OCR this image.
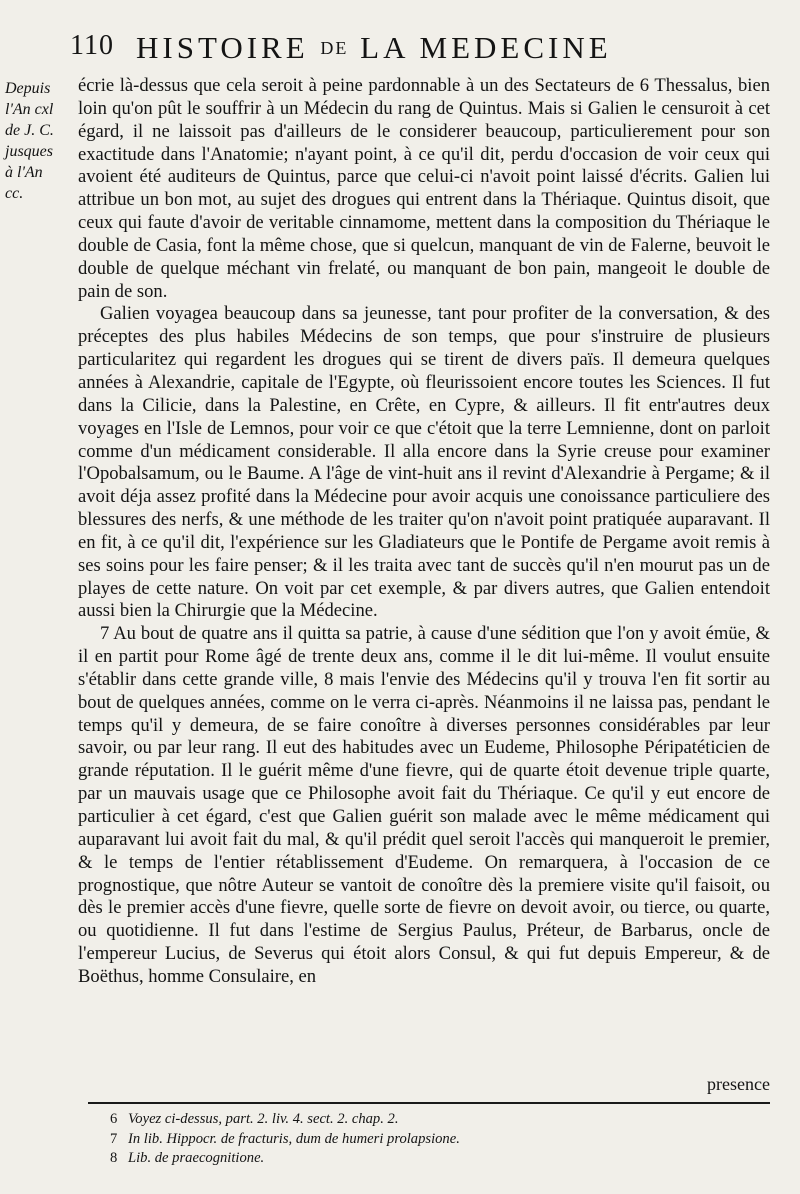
110 HISTOIRE DE LA MEDECINE
Depuis
l'An cxl
de J. C.
jusques
à l'An
cc.

écrie là-dessus que cela seroit à peine pardonnable à un des Sectateurs de 6 Thessalus, bien loin qu'on pût le souffrir à un Médecin du rang de Quintus. Mais si Galien le censuroit à cet égard, il ne laissoit pas d'ailleurs de le considerer beaucoup, particulierement pour son exactitude dans l'Anatomie; n'ayant point, à ce qu'il dit, perdu d'occasion de voir ceux qui avoient été auditeurs de Quintus, parce que celui-ci n'avoit point laissé d'écrits. Galien lui attribue un bon mot, au sujet des drogues qui entrent dans la Thériaque. Quintus disoit, que ceux qui faute d'avoir de veritable cinnamome, mettent dans la composition du Thériaque le double de Casia, font la même chose, que si quelcun, manquant de vin de Falerne, beuvoit le double de quelque méchant vin frelaté, ou manquant de bon pain, mangeoit le double de pain de son.

Galien voyagea beaucoup dans sa jeunesse, tant pour profiter de la conversation, & des préceptes des plus habiles Médecins de son temps, que pour s'instruire de plusieurs particularitez qui regardent les drogues qui se tirent de divers païs. Il demeura quelques années à Alexandrie, capitale de l'Egypte, où fleurissoient encore toutes les Sciences. Il fut dans la Cilicie, dans la Palestine, en Crête, en Cypre, & ailleurs. Il fit entr'autres deux voyages en l'Isle de Lemnos, pour voir ce que c'étoit que la terre Lemnienne, dont on parloit comme d'un médicament considerable. Il alla encore dans la Syrie creuse pour examiner l'Opobalsamum, ou le Baume. A l'âge de vint-huit ans il revint d'Alexandrie à Pergame; & il avoit déja assez profité dans la Médecine pour avoir acquis une conoissance particuliere des blessures des nerfs, & une méthode de les traiter qu'on n'avoit point pratiquée auparavant. Il en fit, à ce qu'il dit, l'expérience sur les Gladiateurs que le Pontife de Pergame avoit remis à ses soins pour les faire penser; & il les traita avec tant de succès qu'il n'en mourut pas un de playes de cette nature. On voit par cet exemple, & par divers autres, que Galien entendoit aussi bien la Chirurgie que la Médecine.

7 Au bout de quatre ans il quitta sa patrie, à cause d'une sédition que l'on y avoit émüe, & il en partit pour Rome âgé de trente deux ans, comme il le dit lui-même. Il voulut ensuite s'établir dans cette grande ville, 8 mais l'envie des Médecins qu'il y trouva l'en fit sortir au bout de quelques années, comme on le verra ci-après. Néanmoins il ne laissa pas, pendant le temps qu'il y demeura, de se faire conoître à diverses personnes considérables par leur savoir, ou par leur rang. Il eut des habitudes avec un Eudeme, Philosophe Péripatéticien de grande réputation. Il le guérit même d'une fievre, qui de quarte étoit devenue triple quarte, par un mauvais usage que ce Philosophe avoit fait du Thériaque. Ce qu'il y eut encore de particulier à cet égard, c'est que Galien guérit son malade avec le même médicament qui auparavant lui avoit fait du mal, & qu'il prédit quel seroit l'accès qui manqueroit le premier, & le temps de l'entier rétablissement d'Eudeme. On remarquera, à l'occasion de ce prognostique, que nôtre Auteur se vantoit de conoître dès la premiere visite qu'il faisoit, ou dès le premier accès d'une fievre, quelle sorte de fievre on devoit avoir, ou tierce, ou quarte, ou quotidienne. Il fut dans l'estime de Sergius Paulus, Préteur, de Barbarus, oncle de l'empereur Lucius, de Severus qui étoit alors Consul, & qui fut depuis Empereur, & de Boëthus, homme Consulaire, en

presence
6 Voyez ci-dessus, part. 2. liv. 4. sect. 2. chap. 2.
7 In lib. Hippocr. de fracturis, dum de humeri prolapsione.
8 Lib. de praecognitione.
